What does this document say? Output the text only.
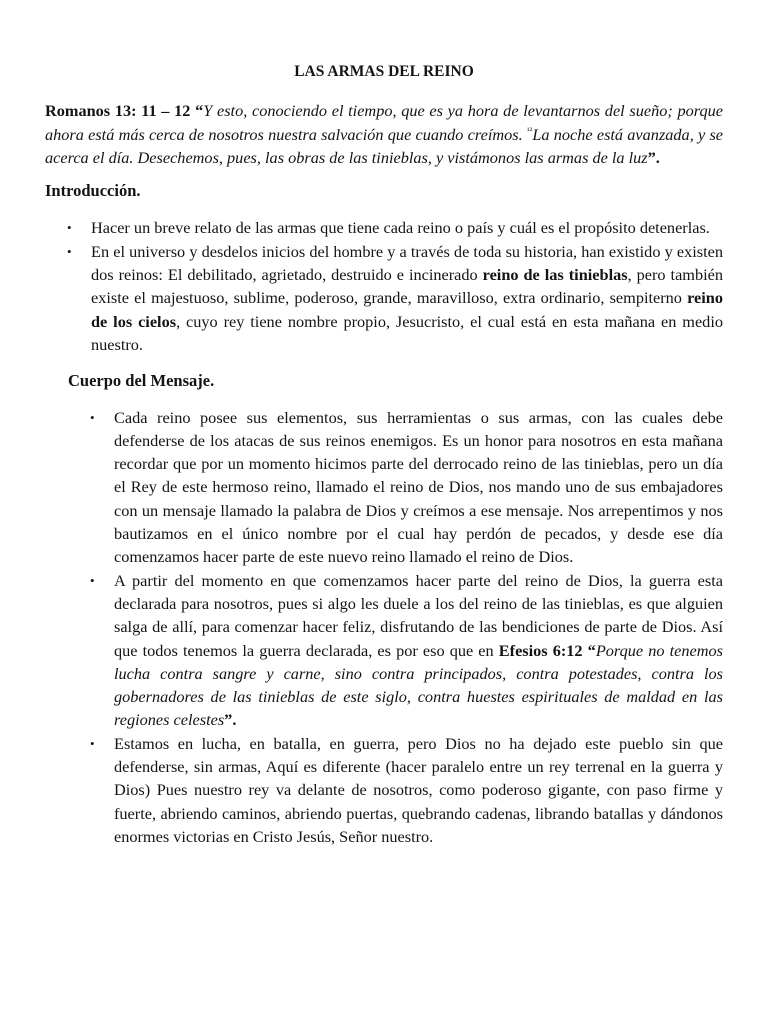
LAS ARMAS DEL REINO

Romanos 13: 11 – 12 “Y esto, conociendo el tiempo, que es ya hora de levantarnos del sueño; porque ahora está más cerca de nosotros nuestra salvación que cuando creímos. $^{^{12}}$La noche está avanzada, y se acerca el día. Desechemos, pues, las obras de las tinieblas, y vistámonos las armas de la luz”.

Introducción.
• Hacer un breve relato de las armas que tiene cada reino o país y cuál es el propósito detenerlas.
• En el universo y desdelos inicios del hombre y a través de toda su historia, han existido y existen dos reinos: El debilitado, agrietado, destruido e incinerado reino de las tinieblas, pero también existe el majestuoso, sublime, poderoso, grande, maravilloso, extra ordinario, sempiterno reino de los cielos, cuyo rey tiene nombre propio, Jesucristo, el cual está en esta mañana en medio nuestro.
Cuerpo del Mensaje.
• Cada reino posee sus elementos, sus herramientas o sus armas, con las cuales debe defenderse de los atacas de sus reinos enemigos. Es un honor para nosotros en esta mañana recordar que por un momento hicimos parte del derrocado reino de las tinieblas, pero un día el Rey de este hermoso reino, llamado el reino de Dios, nos mando uno de sus embajadores con un mensaje llamado la palabra de Dios y creímos a ese mensaje. Nos arrepentimos y nos bautizamos en el único nombre por el cual hay perdón de pecados, y desde ese día comenzamos hacer parte de este nuevo reino llamado el reino de Dios.
• A partir del momento en que comenzamos hacer parte del reino de Dios, la guerra esta declarada para nosotros, pues si algo les duele a los del reino de las tinieblas, es que alguien salga de allí, para comenzar hacer feliz, disfrutando de las bendiciones de parte de Dios. Así que todos tenemos la guerra declarada, es por eso que en Efesios 6:12 “Porque no tenemos lucha contra sangre y carne, sino contra principados, contra potestades, contra los gobernadores de las tinieblas de este siglo, contra huestes espirituales de maldad en las regiones celestes”.
• Estamos en lucha, en batalla, en guerra, pero Dios no ha dejado este pueblo sin que defenderse, sin armas, Aquí es diferente (hacer paralelo entre un rey terrenal en la guerra y Dios) Pues nuestro rey va delante de nosotros, como poderoso gigante, con paso firme y fuerte, abriendo caminos, abriendo puertas, quebrando cadenas, librando batallas y dándonos enormes victorias en Cristo Jesús, Señor nuestro.
